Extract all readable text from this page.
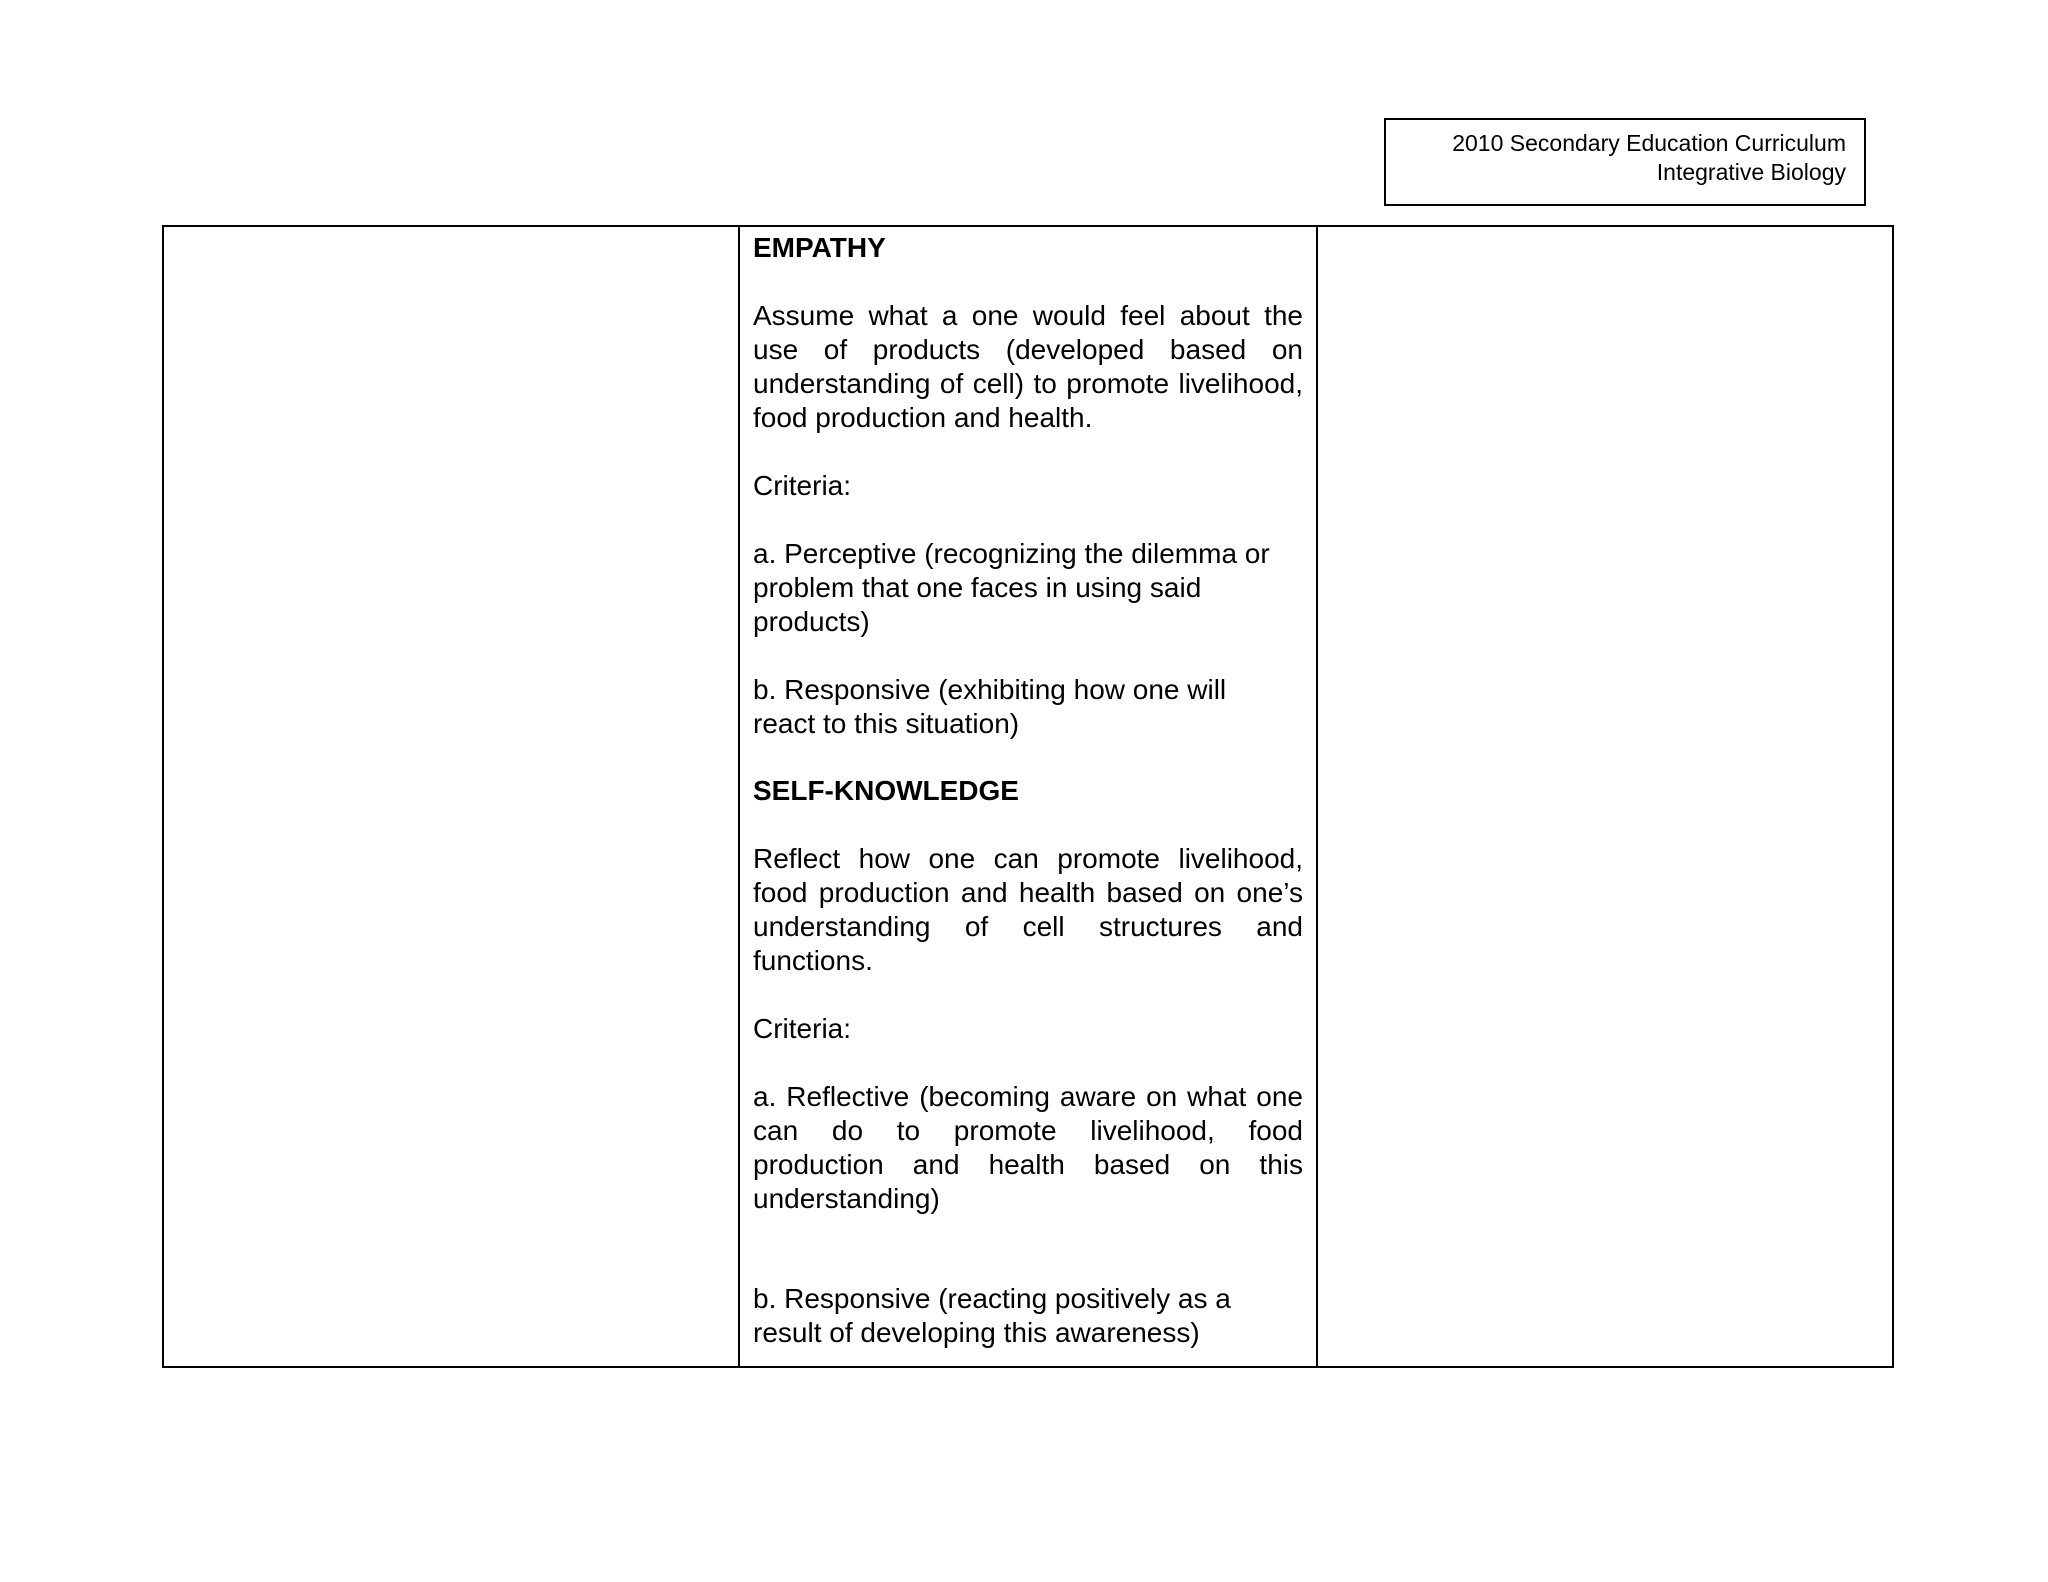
2010 Secondary Education Curriculum
Integrative Biology
EMPATHY
Assume what a one would feel about the use of products (developed based on understanding of cell) to promote livelihood, food production and health.
Criteria:
a. Perceptive (recognizing the dilemma or problem that one faces in using said products)
b. Responsive (exhibiting how one will react to this situation)
SELF-KNOWLEDGE
Reflect how one can promote livelihood, food production and health based on one’s understanding of cell structures and functions.
Criteria:
a. Reflective (becoming aware on what one can do to promote livelihood, food production and health based on this understanding)
b. Responsive (reacting positively as a result of developing this awareness)
